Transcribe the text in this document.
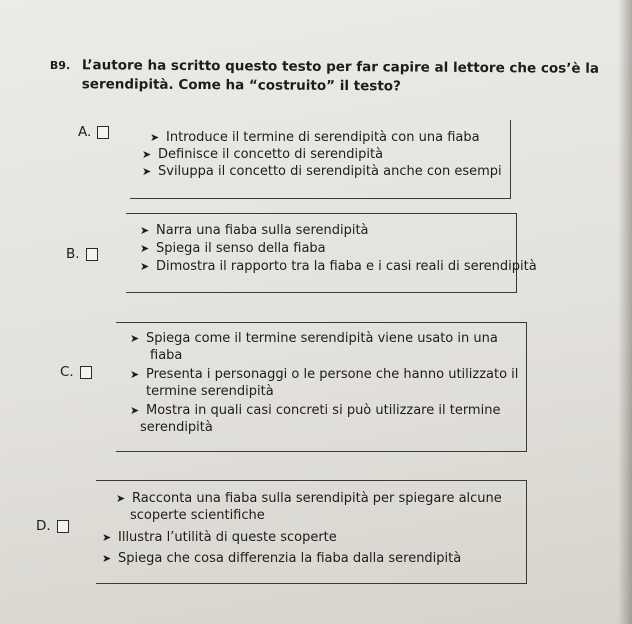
B9. L’autore ha scritto questo testo per far capire al lettore che cos’è la
serendipità. Come ha “costruito” il testo?
A.	➤ Introduce il termine di serendipità con una fiaba
➤ Definisce il concetto di serendipità
➤ Sviluppa il concetto di serendipità anche con esempi
B.
➤ Narra una fiaba sulla serendipità
➤ Spiega il senso della fiaba
➤ Dimostra il rapporto tra la fiaba e i casi reali di serendipità
C.
➤ Spiega come il termine serendipità viene usato in una
fiaba
➤ Presenta i personaggi o le persone che hanno utilizzato il
termine serendipità
➤ Mostra in quali casi concreti si può utilizzare il termine
serendipità
D.
➤ Racconta una fiaba sulla serendipità per spiegare alcune
scoperte scientifiche
➤ Illustra l’utilità di queste scoperte
➤ Spiega che cosa differenzia la fiaba dalla serendipità
